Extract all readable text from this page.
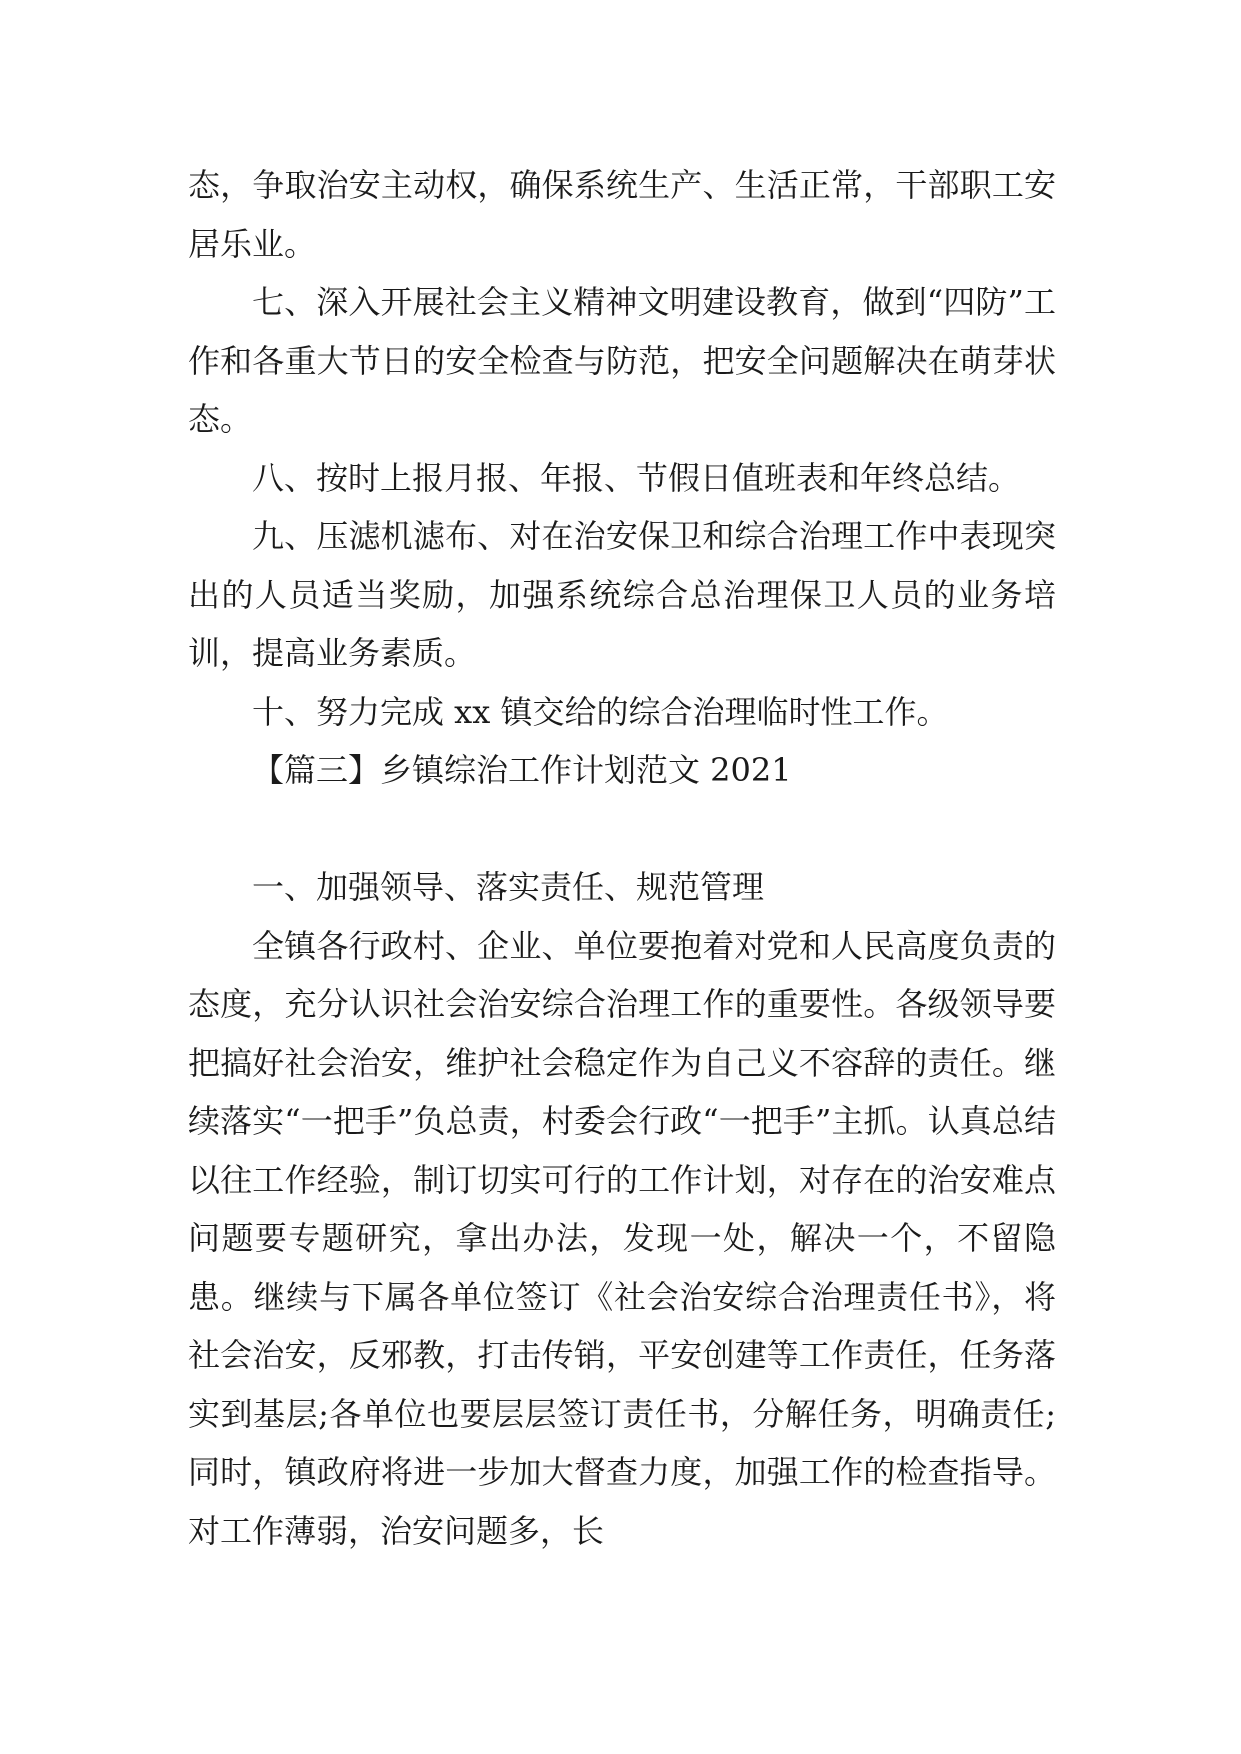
态，争取治安主动权，确保系统生产、生活正常，干部职工安居乐业。

七、深入开展社会主义精神文明建设教育，做到“四防”工作和各重大节日的安全检查与防范，把安全问题解决在萌芽状态。

八、按时上报月报、年报、节假日值班表和年终总结。

九、压滤机滤布、对在治安保卫和综合治理工作中表现突出的人员适当奖励，加强系统综合总治理保卫人员的业务培训，提高业务素质。

十、努力完成 xx 镇交给的综合治理临时性工作。

【篇三】乡镇综治工作计划范文 2021

一、加强领导、落实责任、规范管理

全镇各行政村、企业、单位要抱着对党和人民高度负责的态度，充分认识社会治安综合治理工作的重要性。各级领导要把搞好社会治安，维护社会稳定作为自己义不容辞的责任。继续落实“一把手”负总责，村委会行政“一把手”主抓。认真总结以往工作经验，制订切实可行的工作计划，对存在的治安难点问题要专题研究，拿出办法，发现一处，解决一个，不留隐患。继续与下属各单位签订《社会治安综合治理责任书》，将社会治安，反邪教，打击传销，平安创建等工作责任，任务落实到基层;各单位也要层层签订责任书，分解任务，明确责任;同时，镇政府将进一步加大督查力度，加强工作的检查指导。对工作薄弱，治安问题多，长
